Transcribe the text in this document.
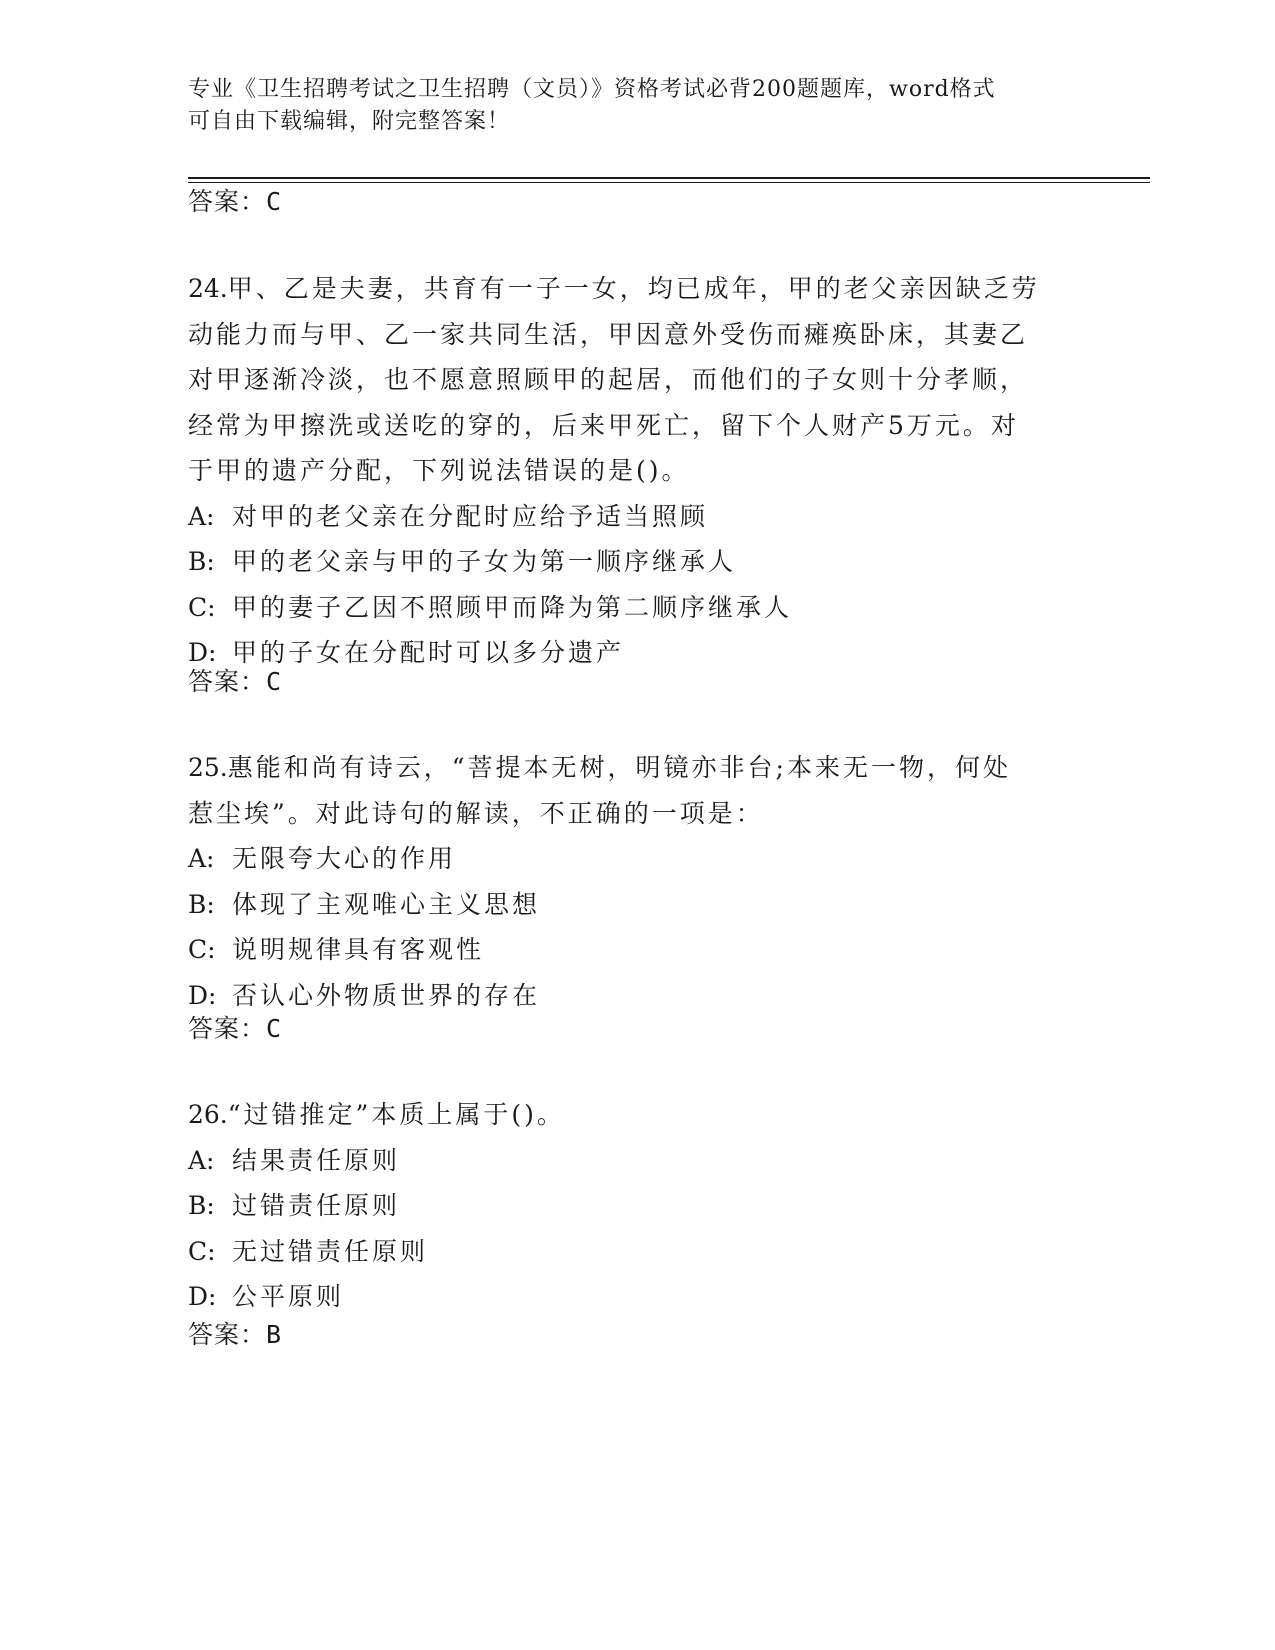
专业《卫生招聘考试之卫生招聘（文员）》资格考试必背200题题库，word格式
可自由下载编辑，附完整答案！
答案：C
24.甲、乙是夫妻，共育有一子一女，均已成年，甲的老父亲因缺乏劳
动能力而与甲、乙一家共同生活，甲因意外受伤而瘫痪卧床，其妻乙
对甲逐渐冷淡，也不愿意照顾甲的起居，而他们的子女则十分孝顺，
经常为甲擦洗或送吃的穿的，后来甲死亡，留下个人财产5万元。对
于甲的遗产分配，下列说法错误的是()。
A: 对甲的老父亲在分配时应给予适当照顾
B: 甲的老父亲与甲的子女为第一顺序继承人
C: 甲的妻子乙因不照顾甲而降为第二顺序继承人
D: 甲的子女在分配时可以多分遗产
答案：C
25.惠能和尚有诗云，“菩提本无树，明镜亦非台;本来无一物，何处
惹尘埃”。对此诗句的解读，不正确的一项是：
A: 无限夸大心的作用
B: 体现了主观唯心主义思想
C: 说明规律具有客观性
D: 否认心外物质世界的存在
答案：C
26.“过错推定”本质上属于()。
A: 结果责任原则
B: 过错责任原则
C: 无过错责任原则
D: 公平原则
答案：B
